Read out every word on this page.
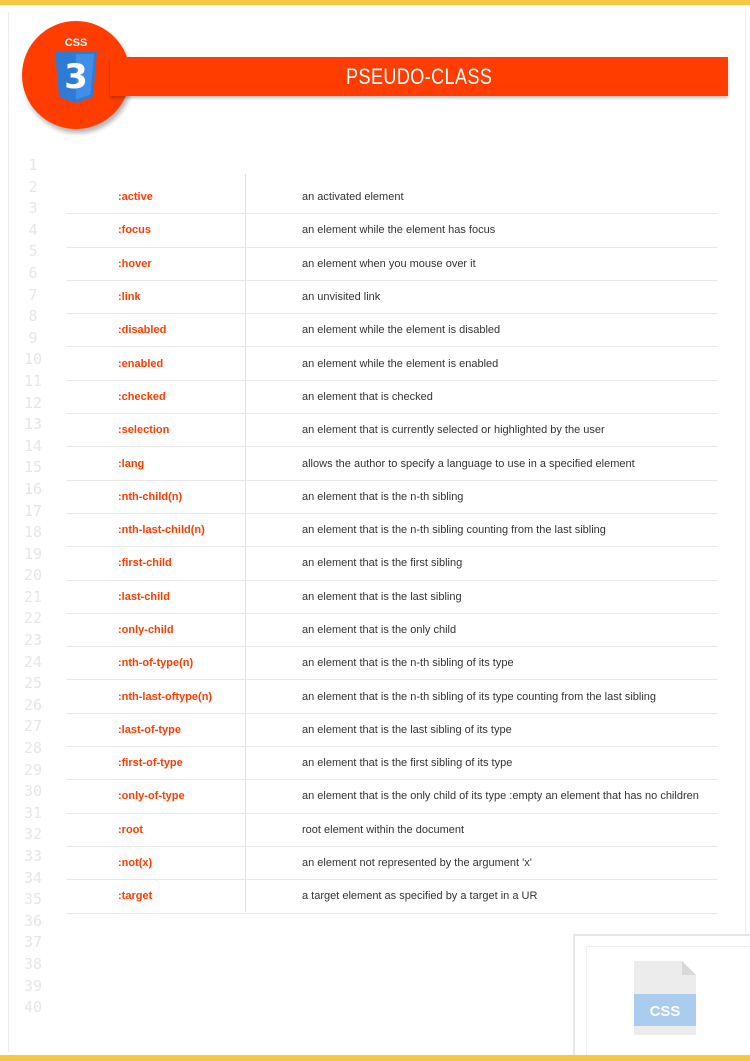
CSS
3	PSEUDO-CLASS
1
2
3
4
5
6
7
8
9
10
11
12
13
14
15
16
17
18
19
20
21
22
23
24
25
26
27
28
29
30
31
32
33
34
35
36
37
38
39
40
:active	an activated element
:focus	an element while the element has focus
:hover	an element when you mouse over it
:link	an unvisited link
:disabled	an element while the element is disabled
:enabled	an element while the element is enabled
:checked	an element that is checked
:selection	an element that is currently selected or highlighted by the user
:lang	allows the author to specify a language to use in a specified element
:nth-child(n)	an element that is the n-th sibling
:nth-last-child(n)	an element that is the n-th sibling counting from the last sibling
:first-child	an element that is the first sibling
:last-child	an element that is the last sibling
:only-child	an element that is the only child
:nth-of-type(n)	an element that is the n-th sibling of its type
:nth-last-oftype(n)	an element that is the n-th sibling of its type counting from the last sibling
:last-of-type	an element that is the last sibling of its type
:first-of-type	an element that is the first sibling of its type
:only-of-type	an element that is the only child of its type :empty an element that has no children
:root	root element within the document
:not(x)	an element not represented by the argument 'x'
:target	a target element as specified by a target in a UR
CSS
